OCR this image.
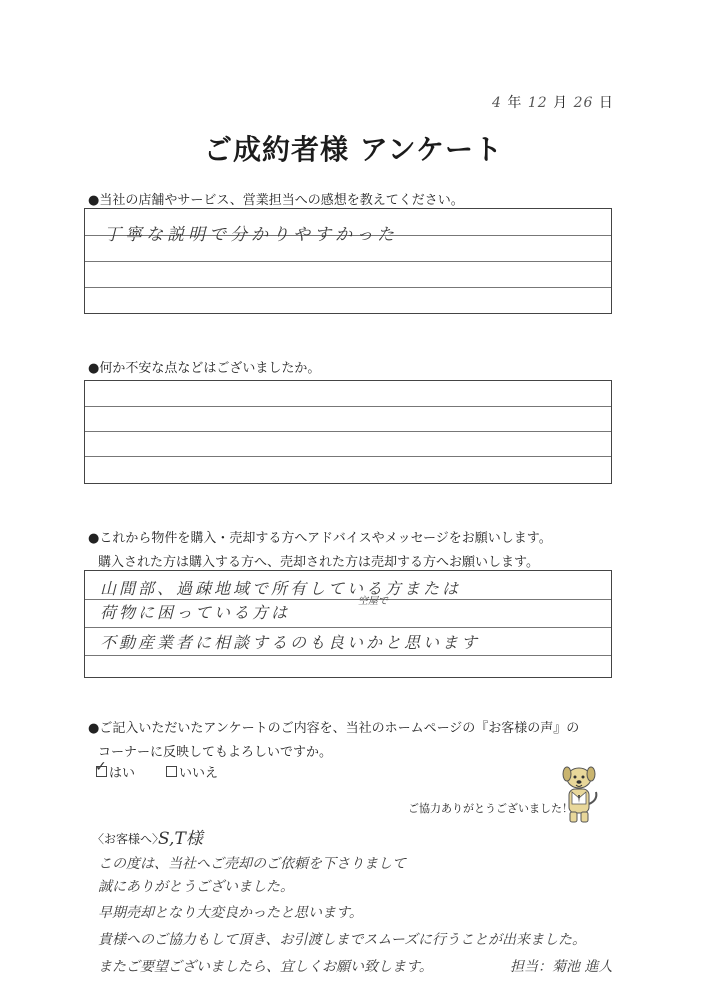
4 年 12 月 26 日
ご成約者様 アンケート
●当社の店舗やサービス、営業担当への感想を教えてください。
丁寧な説明で分かりやすかった
●何か不安な点などはございましたか。
●これから物件を購入・売却する方へアドバイスやメッセージをお願いします。
購入された方は購入する方へ、売却された方は売却する方へお願いします。
山間部、過疎地域で所有している方または
空屋で
荷物に困っている方は
不動産業者に相談するのも良いかと思います
●ご記入いただいたアンケートのご内容を、当社のホームページの『お客様の声』の
コーナーに反映してもよろしいですか。
✓
はい	いいえ
ご協力ありがとうございました！
〈お客様へ〉
S,T様
この度は、当社へご売却のご依頼を下さりまして
誠にありがとうございました。
早期売却となり大変良かったと思います。
貴様へのご協力もして頂き、お引渡しまでスムーズに行うことが出来ました。
またご要望ございましたら、宜しくお願い致します。	担当：菊池 進人
